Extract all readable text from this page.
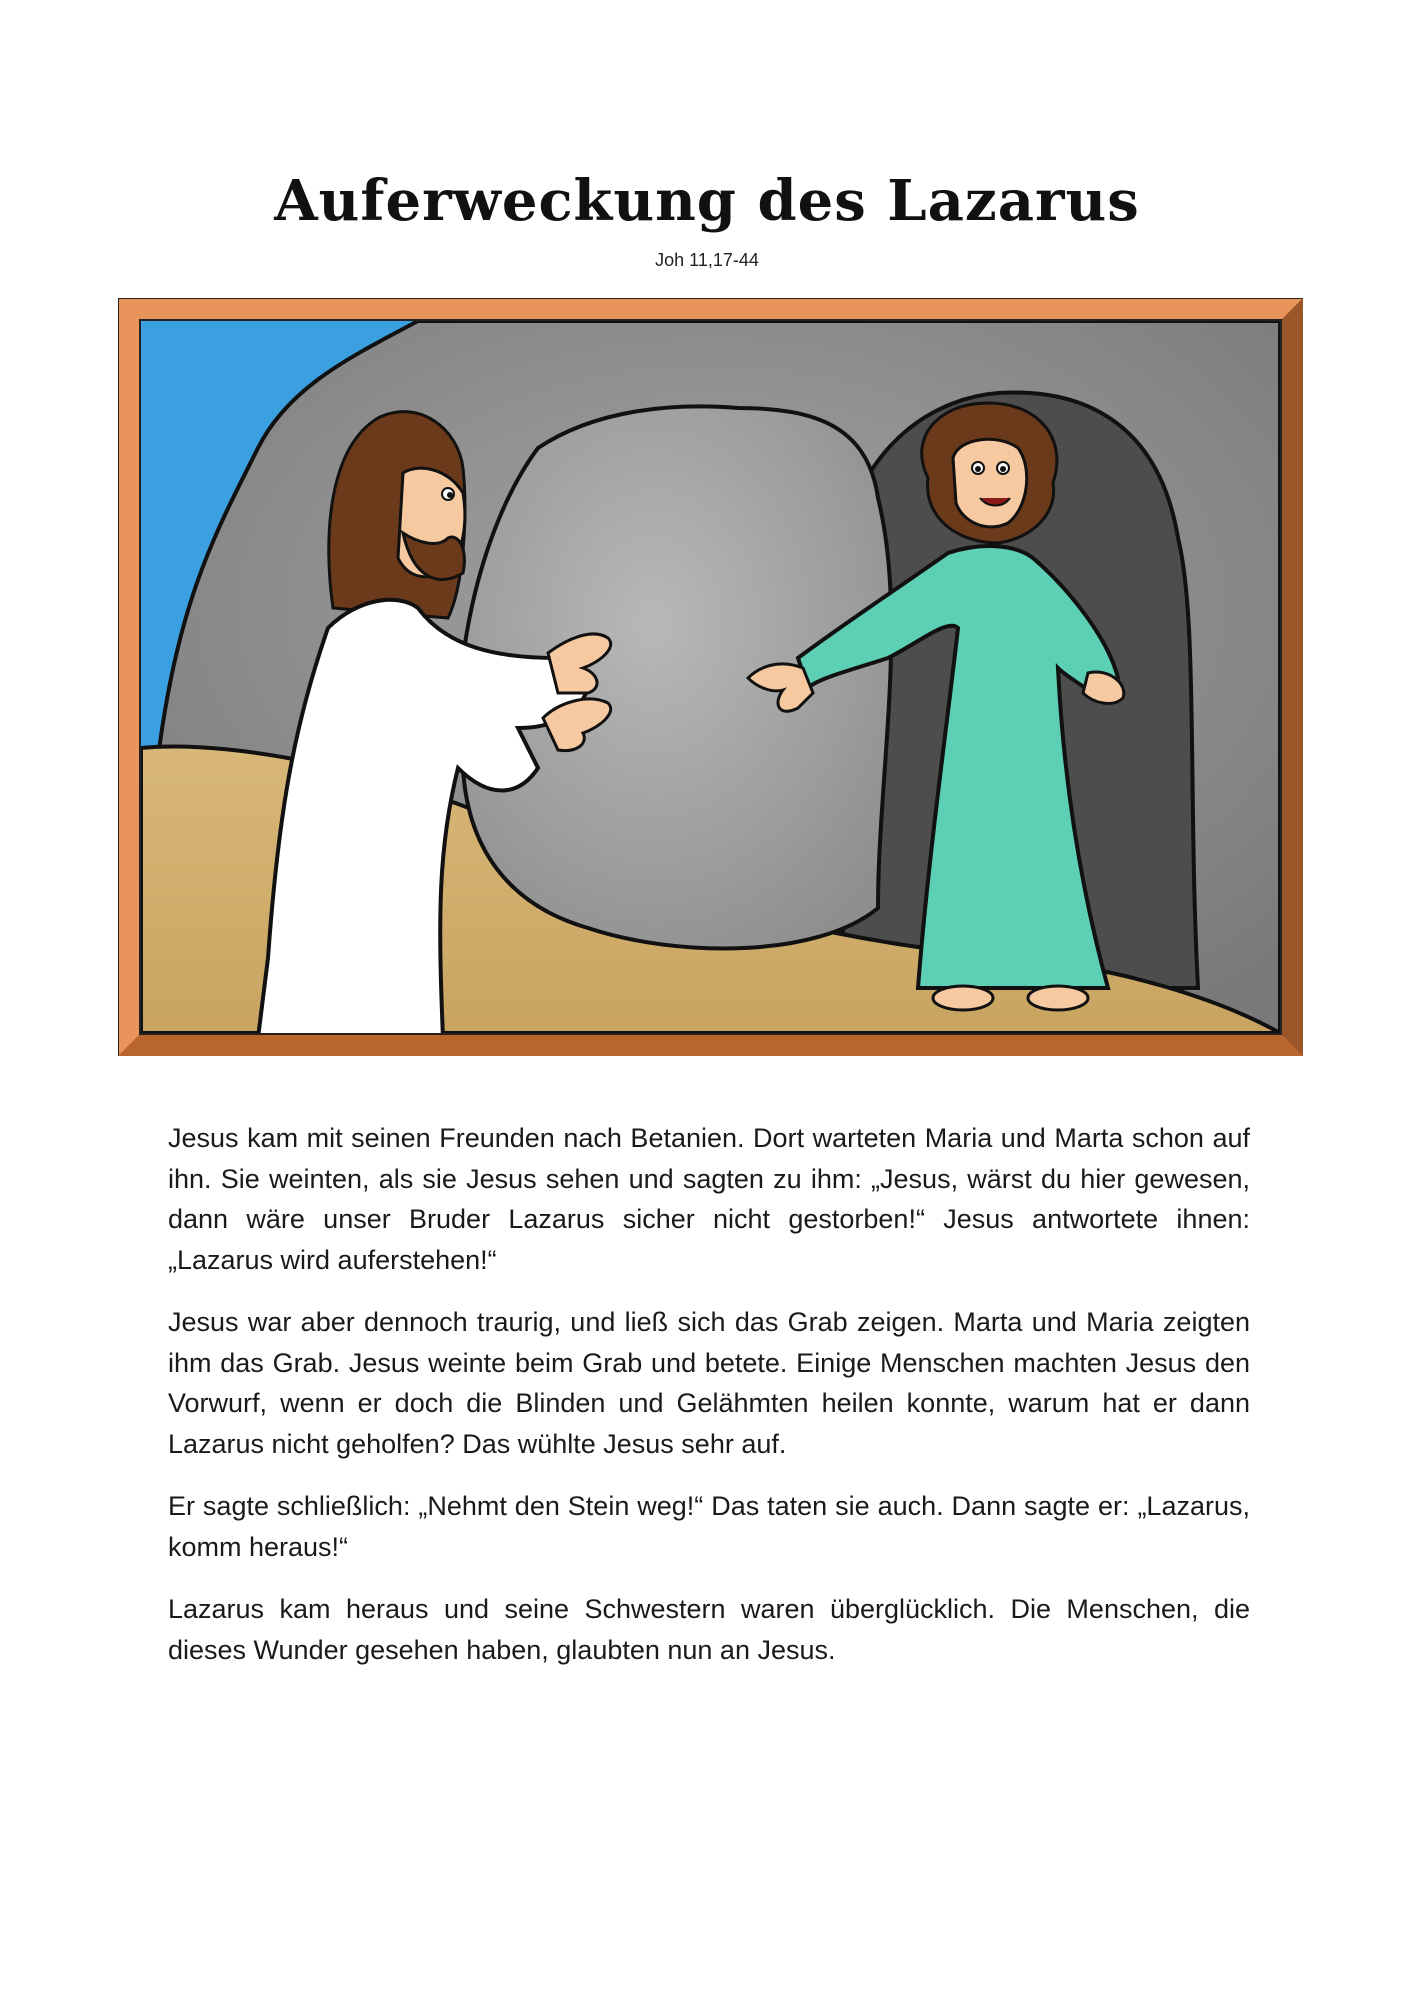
Auferweckung des Lazarus
Joh 11,17-44

Jesus kam mit seinen Freunden nach Betanien. Dort warteten Maria und Marta schon auf ihn. Sie weinten, als sie Jesus sehen und sagten zu ihm: „Jesus, wärst du hier gewesen, dann wäre unser Bruder Lazarus sicher nicht gestorben!“ Jesus antwortete ihnen: „Lazarus wird auferstehen!“

Jesus war aber dennoch traurig, und ließ sich das Grab zeigen. Marta und Maria zeigten ihm das Grab. Jesus weinte beim Grab und betete. Einige Menschen machten Jesus den Vorwurf, wenn er doch die Blinden und Gelähmten heilen konnte, warum hat er dann Lazarus nicht geholfen? Das wühlte Jesus sehr auf.

Er sagte schließlich: „Nehmt den Stein weg!“ Das taten sie auch. Dann sagte er: „Lazarus, komm heraus!“

Lazarus kam heraus und seine Schwestern waren überglücklich. Die Menschen, die dieses Wunder gesehen haben, glaubten nun an Jesus.
